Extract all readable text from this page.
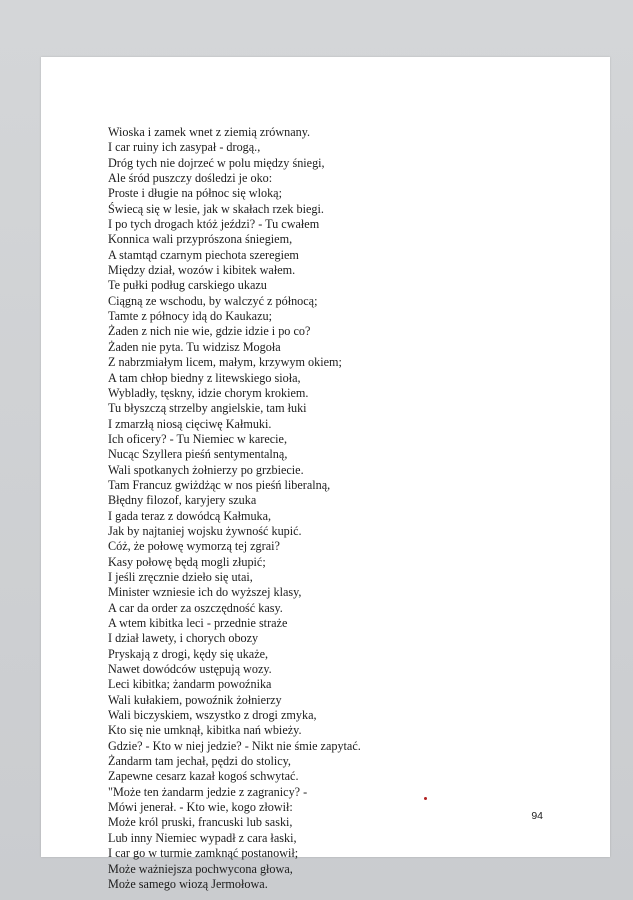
Wioska i zamek wnet z ziemią zrównany.
I car ruiny ich zasypał - drogą.,
Dróg tych nie dojrzeć w polu między śniegi,
Ale śród puszczy dośledzi je oko:
Proste i długie na północ się wloką;
Świecą się w lesie, jak w skałach rzek biegi.
I po tych drogach któż jeździ? - Tu cwałem
Konnica wali przyprószona śniegiem,
A stamtąd czarnym piechota szeregiem
Między dział, wozów i kibitek wałem.
Te pułki podług carskiego ukazu
Ciągną ze wschodu, by walczyć z północą;
Tamte z północy idą do Kaukazu;
Żaden z nich nie wie, gdzie idzie i po co?
Żaden nie pyta. Tu widzisz Mogoła
Z nabrzmiałym licem, małym, krzywym okiem;
A tam chłop biedny z litewskiego sioła,
Wybladły, tęskny, idzie chorym krokiem.
Tu błyszczą strzelby angielskie, tam łuki
I zmarzłą niosą cięciwę Kałmuki.
Ich oficery? - Tu Niemiec w karecie,
Nucąc Szyllera pieśń sentymentalną,
Wali spotkanych żołnierzy po grzbiecie.
Tam Francuz gwiżdżąc w nos pieśń liberalną,
Błędny filozof, karyjery szuka
I gada teraz z dowódcą Kałmuka,
Jak by najtaniej wojsku żywność kupić.
Cóż, że połowę wymorzą tej zgrai?
Kasy połowę będą mogli złupić;
I jeśli zręcznie dzieło się utai,
Minister wzniesie ich do wyższej klasy,
A car da order za oszczędność kasy.
A wtem kibitka leci - przednie straże
I dział lawety, i chorych obozy
Pryskają z drogi, kędy się ukaże,
Nawet dowódców ustępują wozy.
Leci kibitka; żandarm powoźnika
Wali kułakiem, powoźnik żołnierzy
Wali biczyskiem, wszystko z drogi zmyka,
Kto się nie umknął, kibitka nań wbieży.
Gdzie? - Kto w niej jedzie? - Nikt nie śmie zapytać.
Żandarm tam jechał, pędzi do stolicy,
Zapewne cesarz kazał kogoś schwytać.
"Może ten żandarm jedzie z zagranicy? -
Mówi jenerał. - Kto wie, kogo złowił:
Może król pruski, francuski lub saski,
Lub inny Niemiec wypadł z cara łaski,
I car go w turmie zamknąć postanowił;
Może ważniejsza pochwycona głowa,
Może samego wiozą Jermołowa.
94
